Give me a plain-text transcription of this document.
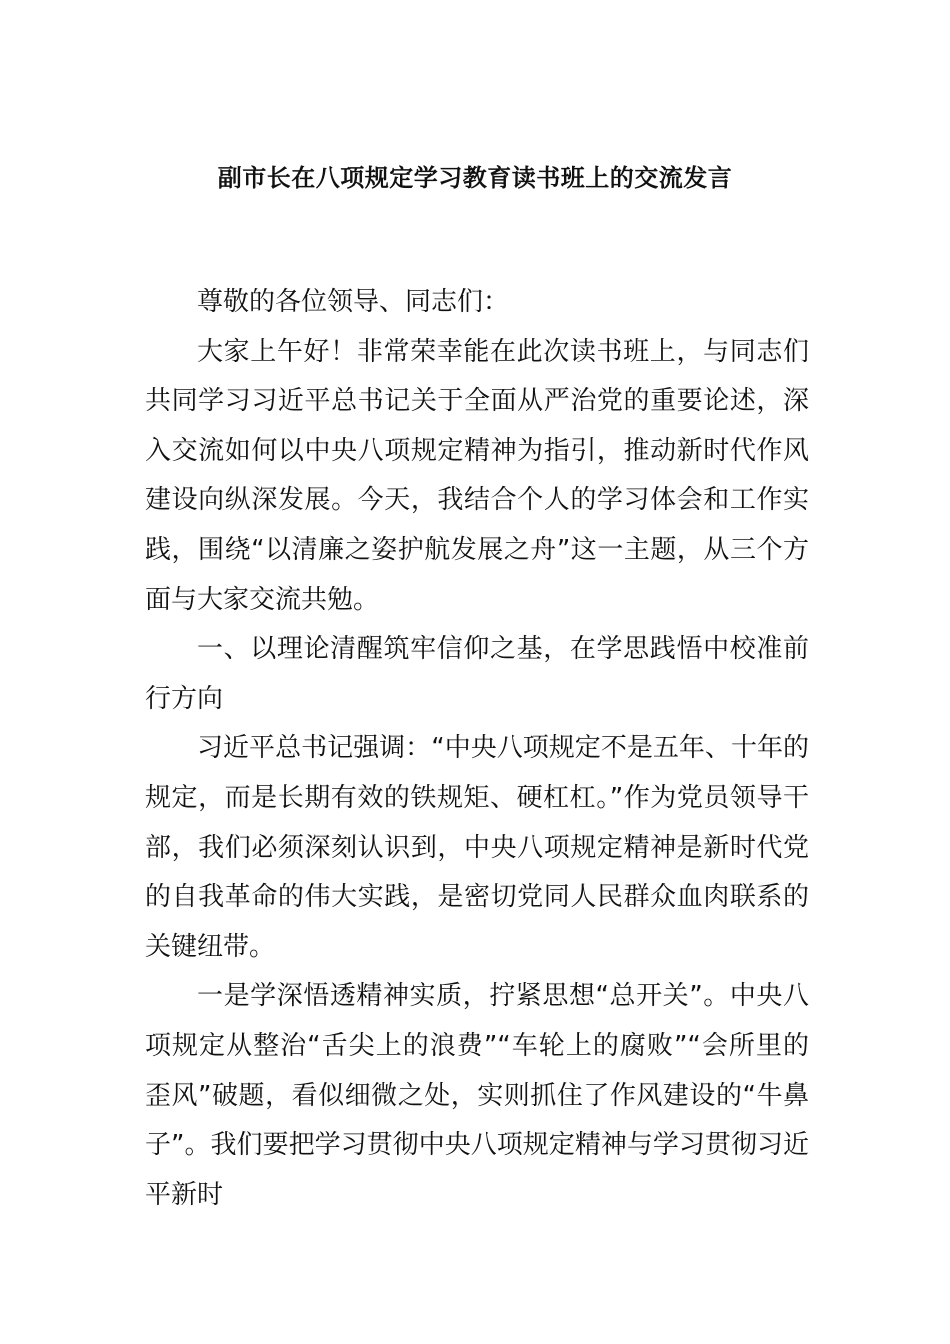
副市长在八项规定学习教育读书班上的交流发言

尊敬的各位领导、同志们：

大家上午好！非常荣幸能在此次读书班上，与同志们共同学习习近平总书记关于全面从严治党的重要论述，深入交流如何以中央八项规定精神为指引，推动新时代作风建设向纵深发展。今天，我结合个人的学习体会和工作实践，围绕“以清廉之姿护航发展之舟”这一主题，从三个方面与大家交流共勉。

一、以理论清醒筑牢信仰之基，在学思践悟中校准前行方向

习近平总书记强调：“中央八项规定不是五年、十年的规定，而是长期有效的铁规矩、硬杠杠。”作为党员领导干部，我们必须深刻认识到，中央八项规定精神是新时代党的自我革命的伟大实践，是密切党同人民群众血肉联系的关键纽带。

一是学深悟透精神实质，拧紧思想“总开关”。中央八项规定从整治“舌尖上的浪费”“车轮上的腐败”“会所里的歪风”破题，看似细微之处，实则抓住了作风建设的“牛鼻子”。我们要把学习贯彻中央八项规定精神与学习贯彻习近平新时
